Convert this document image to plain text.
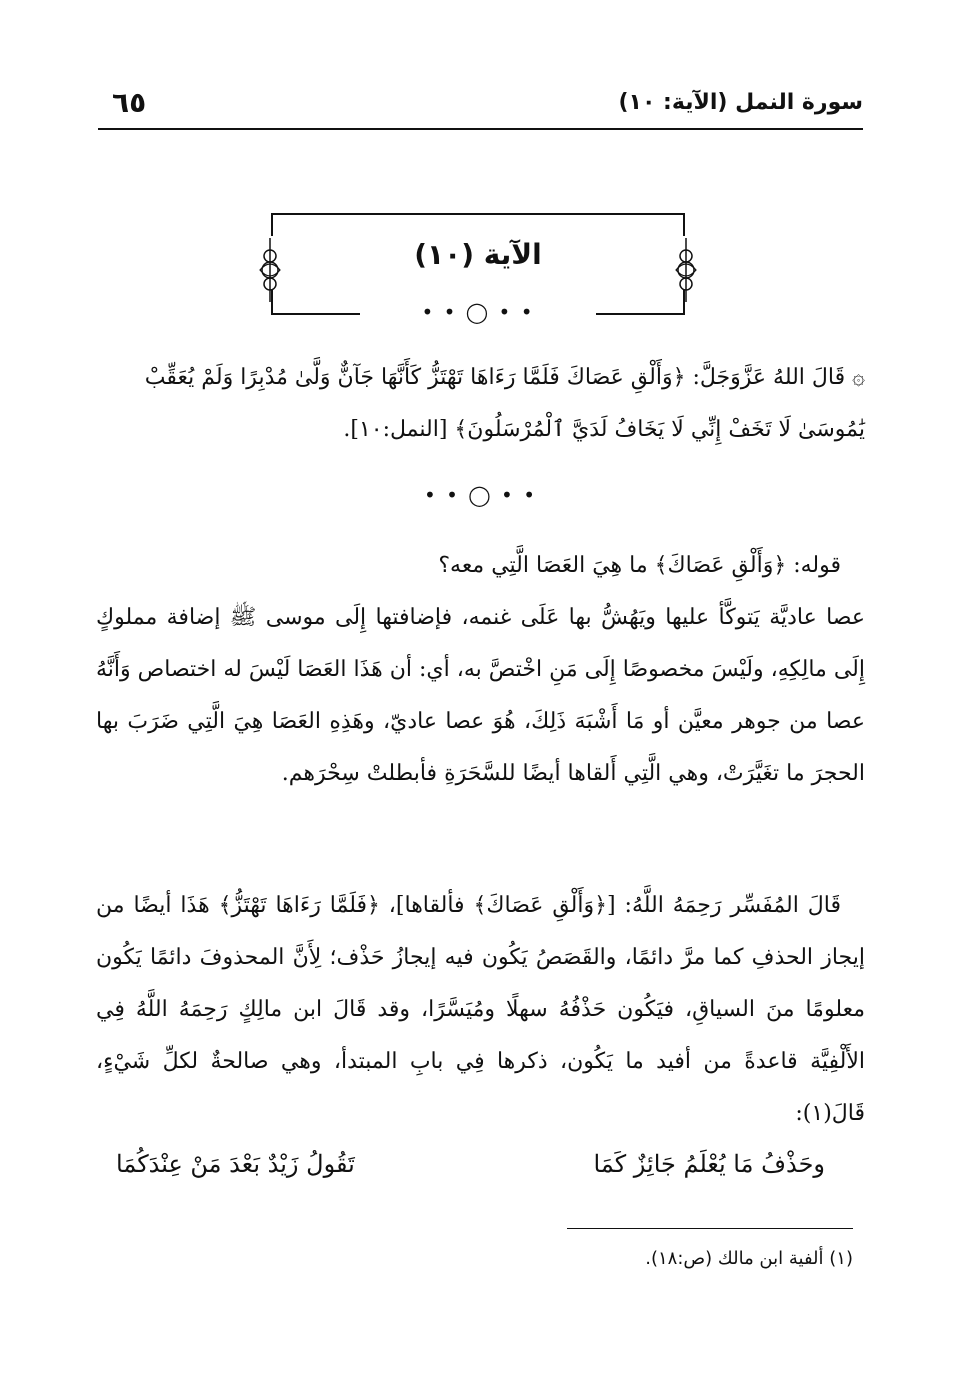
٦٥	سورة النمل (الآية: ١٠)
الآية (١٠)
• • ◯ • •

۞ قَالَ اللهُ عَزَّوَجَلَّ: ﴿وَأَلْقِ عَصَاكَ فَلَمَّا رَءَاهَا تَهْتَزُّ كَأَنَّهَا جَآنٌّ وَلَّىٰ مُدْبِرًا وَلَمْ يُعَقِّبْ

يَٰمُوسَىٰ لَا تَخَفْ إِنِّي لَا يَخَافُ لَدَيَّ ٱلْمُرْسَلُونَ﴾ [النمل:١٠].

• • ◯ • •

قوله: ﴿وَأَلْقِ عَصَاكَ﴾ ما هِيَ العَصَا الَّتِي معه؟

عصا عاديَّة يَتوكَّأ عليها ويَهُشُّ بها عَلَى غنمه، فإضافتها إِلَى موسى ﷺ إضافة مملوكٍ إِلَى مالِكِهِ، ولَيْسَ مخصوصًا إِلَى مَنِ اخْتصَّ به، أي: أن هَذَا العَصَا لَيْسَ له اختصاص وَأَنَّهُ عصا من جوهر معيَّن أو مَا أَشْبَهَ ذَلِكَ، هُوَ عصا عاديّ، وهَذِهِ العَصَا هِيَ الَّتِي ضَرَبَ بها الحجرَ ما تغَيَّرَتْ، وهي الَّتِي أَلقاها أيضًا للسَّحَرَةِ فأبطلتْ سِحْرَهم.

قَالَ المُفَسِّر رَحِمَهُ اللَّهُ: [﴿وَأَلْقِ عَصَاكَ﴾ فألقاها]، ﴿فَلَمَّا رَءَاهَا تَهْتَزُّ﴾ هَذَا أيضًا من إيجاز الحذفِ كما مرَّ دائمًا، والقَصَصُ يَكُون فيه إيجازُ حَذْف؛ لِأَنَّ المحذوفَ دائمًا يَكُون معلومًا منَ السياقِ، فيَكُون حَذْفُهُ سهلًا ومُيَسَّرًا، وقد قَالَ ابن مالِكٍ رَحِمَهُ اللَّهُ فِي الأَلْفِيَّة قاعدةً من أفيد ما يَكُون، ذكرها فِي بابِ المبتدأ، وهي صالحةٌ لكلِّ شَيْءٍ، قَالَ(١):

وحَذْفُ مَا يُعْلَمُ جَائِزٌ كَمَا
تَقُولُ زَيْدٌ بَعْدَ مَنْ عِنْدَكُمَا
(١) ألفية ابن مالك (ص:١٨).
